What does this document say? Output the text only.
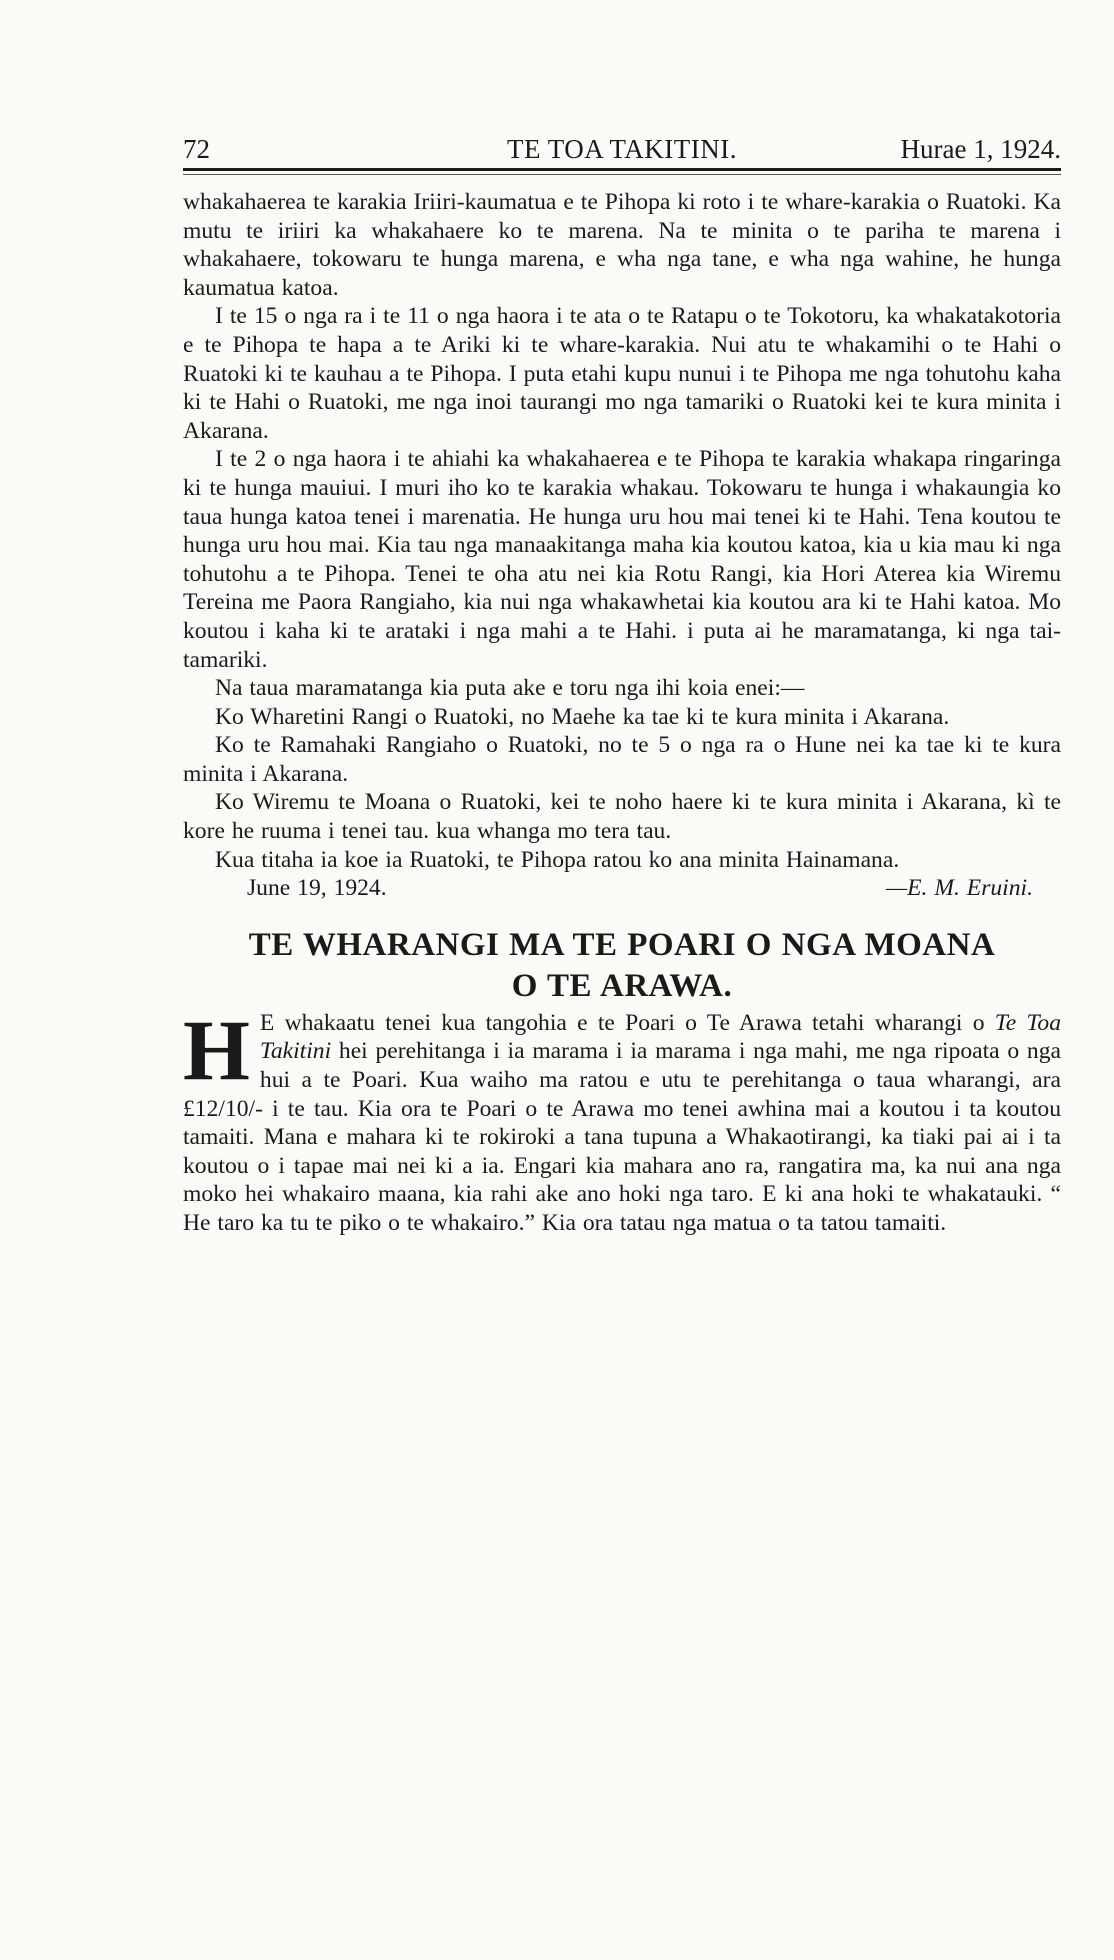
72	TE TOA TAKITINI.	Hurae 1, 1924.

whakahaerea te karakia Iriiri-kaumatua e te Pihopa ki roto i te whare-karakia o Ruatoki. Ka mutu te iriiri ka whakahaere ko te marena. Na te minita o te pariha te marena i whakahaere, tokowaru te hunga marena, e wha nga tane, e wha nga wahine, he hunga kaumatua katoa.

I te 15 o nga ra i te 11 o nga haora i te ata o te Ratapu o te Tokotoru, ka whakatakotoria e te Pihopa te hapa a te Ariki ki te whare-karakia. Nui atu te whakamihi o te Hahi o Ruatoki ki te kauhau a te Pihopa. I puta etahi kupu nunui i te Pihopa me nga tohutohu kaha ki te Hahi o Ruatoki, me nga inoi taurangi mo nga tamariki o Ruatoki kei te kura minita i Akarana.

I te 2 o nga haora i te ahiahi ka whakahaerea e te Pihopa te karakia whakapa ringaringa ki te hunga mauiui. I muri iho ko te karakia whakau. Tokowaru te hunga i whakaungia ko taua hunga katoa tenei i marenatia. He hunga uru hou mai tenei ki te Hahi. Tena koutou te hunga uru hou mai. Kia tau nga manaakitanga maha kia koutou katoa, kia u kia mau ki nga tohutohu a te Pihopa. Tenei te oha atu nei kia Rotu Rangi, kia Hori Aterea kia Wiremu Tereina me Paora Rangiaho, kia nui nga whakawhetai kia koutou ara ki te Hahi katoa. Mo koutou i kaha ki te arataki i nga mahi a te Hahi. i puta ai he maramatanga, ki nga tai-tamariki.

Na taua maramatanga kia puta ake e toru nga ihi koia enei:—

Ko Wharetini Rangi o Ruatoki, no Maehe ka tae ki te kura minita i Akarana.

Ko te Ramahaki Rangiaho o Ruatoki, no te 5 o nga ra o Hune nei ka tae ki te kura minita i Akarana.

Ko Wiremu te Moana o Ruatoki, kei te noho haere ki te kura minita i Akarana, kì te kore he ruuma i tenei tau. kua whanga mo tera tau.

Kua titaha ia koe ia Ruatoki, te Pihopa ratou ko ana minita Hainamana.

June 19, 1924.	—E. M. Eruini.
TE WHARANGI MA TE POARI O NGA MOANA
O TE ARAWA.

H E whakaatu tenei kua tangohia e te Poari o Te Arawa tetahi wharangi o Te Toa Takitini hei perehitanga i ia marama i ia marama i nga mahi, me nga ripoata o nga hui a te Poari. Kua waiho ma ratou e utu te perehitanga o taua wharangi, ara £12/10/- i te tau. Kia ora te Poari o te Arawa mo tenei awhina mai a koutou i ta koutou tamaiti. Mana e mahara ki te rokiroki a tana tupuna a Whakaotirangi, ka tiaki pai ai i ta koutou o i tapae mai nei ki a ia. Engari kia mahara ano ra, rangatira ma, ka nui ana nga moko hei whakairo maana, kia rahi ake ano hoki nga taro. E ki ana hoki te whakatauki. “ He taro ka tu te piko o te whakairo.” Kia ora tatau nga matua o ta tatou tamaiti.
